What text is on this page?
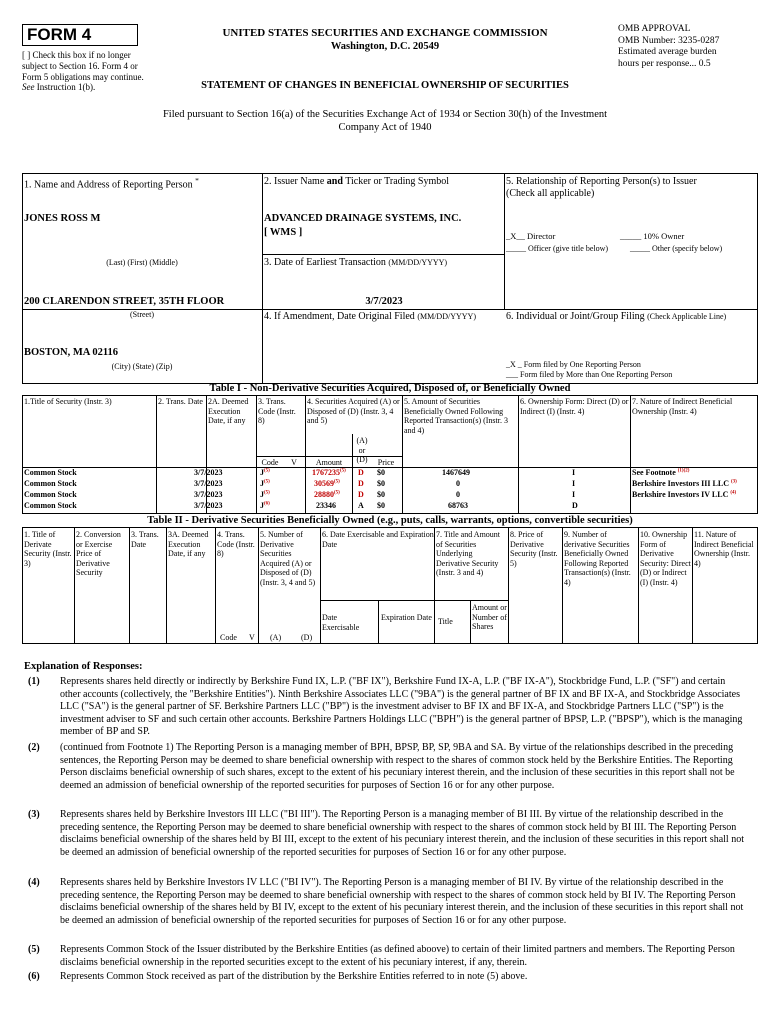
FORM 4
[ ] Check this box if no longer subject to Section 16. Form 4 or Form 5 obligations may continue. See Instruction 1(b).
UNITED STATES SECURITIES AND EXCHANGE COMMISSION
Washington, D.C. 20549
STATEMENT OF CHANGES IN BENEFICIAL OWNERSHIP OF SECURITIES
OMB APPROVAL
OMB Number: 3235-0287
Estimated average burden
hours per response... 0.5
Filed pursuant to Section 16(a) of the Securities Exchange Act of 1934 or Section 30(h) of the Investment Company Act of 1940
1. Name and Address of Reporting Person *
JONES ROSS M
(Last) (First) (Middle)
200 CLARENDON STREET, 35TH FLOOR
(Street)
BOSTON, MA 02116
(City) (State) (Zip)
2. Issuer Name and Ticker or Trading Symbol
ADVANCED DRAINAGE SYSTEMS, INC.
[ WMS ]
3. Date of Earliest Transaction (MM/DD/YYYY)
3/7/2023
4. If Amendment, Date Original Filed (MM/DD/YYYY)
5. Relationship of Reporting Person(s) to Issuer
(Check all applicable)
_X__ Director	_____ 10% Owner
_____ Officer (give title below)	_____ Other (specify below)
6. Individual or Joint/Group Filing (Check Applicable Line)
_X _ Form filed by One Reporting Person
___ Form filed by More than One Reporting Person
Table I - Non-Derivative Securities Acquired, Disposed of, or Beneficially Owned
1.Title of Security (Instr. 3)	2. Trans. Date 2A. Deemed Execution Date, if any
3. Trans. Code (Instr. 8)
4. Securities Acquired (A) or Disposed of (D) (Instr. 3, 4 and 5)
5. Amount of Securities Beneficially Owned Following Reported Transaction(s) (Instr. 3 and 4)
6. Ownership Form: Direct (D) or Indirect (I) (Instr. 4)
7. Nature of Indirect Beneficial Ownership (Instr. 4)
Code	V	Amount
(A) or (D)	Price
Common Stock	3/7/2023	$J^{(5)}$	1767235$^{(5)}$ D $0	1467649	I	See Footnote $^{(1)(2)}$
Common Stock	3/7/2023	$J^{(5)}$	30569$^{(5)}$ D $0	0	I	Berkshire Investors III LLC $^{(3)}$
Common Stock	3/7/2023	$J^{(5)}$	28880$^{(5)}$ D $0	0	I	Berkshire Investors IV LLC $^{(4)}$
Common Stock	3/7/2023	$J^{(6)}$	23346	A $0	68763	D
Table II - Derivative Securities Beneficially Owned (e.g., puts, calls, warrants, options, convertible securities)
1. Title of Derivate Security (Instr. 3)
2. Conversion or Exercise Price of Derivative Security
3. Trans. Date
3A. Deemed Execution Date, if any
4. Trans. Code (Instr. 8)
5. Number of Derivative Securities Acquired (A) or Disposed of (D) (Instr. 3, 4 and 5)
6. Date Exercisable and Expiration Date
7. Title and Amount of Securities Underlying Derivative Security (Instr. 3 and 4)
8. Price of Derivative Security (Instr. 5)
9. Number of derivative Securities Beneficially Owned Following Reported Transaction(s) (Instr. 4)
10. Ownership Form of Derivative Security: Direct (D) or Indirect (I) (Instr. 4)
11. Nature of Indirect Beneficial Ownership (Instr. 4)
Code V (A) (D)
Date Exercisable
Expiration Date Title
Amount or Number of Shares
Explanation of Responses:
(1) Represents shares held directly or indirectly by Berkshire Fund IX, L.P. ("BF IX"), Berkshire Fund IX-A, L.P. ("BF IX-A"), Stockbridge Fund, L.P. ("SF") and certain other accounts (collectively, the "Berkshire Entities"). Ninth Berkshire Associates LLC ("9BA") is the general partner of BF IX and BF IX-A, and Stockbridge Associates LLC ("SA") is the general partner of SF. Berkshire Partners LLC ("BP") is the investment adviser to BF IX and BF IX-A, and Stockbridge Partners LLC ("SP") is the investment adviser to SF and such certain other accounts. Berkshire Partners Holdings LLC ("BPH") is the general partner of BPSP, L.P. ("BPSP"), which is the managing member of BP and SP.
(2) (continued from Footnote 1) The Reporting Person is a managing member of BPH, BPSP, BP, SP, 9BA and SA. By virtue of the relationships described in the preceding sentences, the Reporting Person may be deemed to share beneficial ownership with respect to the shares of common stock held by the Berkshire Entities. The Reporting Person disclaims beneficial ownership of such shares, except to the extent of his pecuniary interest therein, and the inclusion of these securities in this report shall not be deemed an admission of beneficial ownership of the reported securities for purposes of Section 16 or for any other purpose.
(3) Represents shares held by Berkshire Investors III LLC ("BI III"). The Reporting Person is a managing member of BI III. By virtue of the relationship described in the preceding sentence, the Reporting Person may be deemed to share beneficial ownership with respect to the shares of common stock held by BI III. The Reporting Person disclaims beneficial ownership of the shares held by BI III, except to the extent of his pecuniary interest therein, and the inclusion of these securities in this report shall not be deemed an admission of beneficial ownership of the reported securities for purposes of Section 16 or for any other purpose.
(4) Represents shares held by Berkshire Investors IV LLC ("BI IV"). The Reporting Person is a managing member of BI IV. By virtue of the relationship described in the preceding sentence, the Reporting Person may be deemed to share beneficial ownership with respect to the shares of common stock held by BI IV. The Reporting Person disclaims beneficial ownership of the shares held by BI IV, except to the extent of his pecuniary interest therein, and the inclusion of these securities in this report shall not be deemed an admission of beneficial ownership of the reported securities for purposes of Section 16 or for any other purpose.
(5) Represents Common Stock of the Issuer distributed by the Berkshire Entities (as defined aboove) to certain of their limited partners and members. The Reporting Person disclaims beneficial ownership in the reported securities except to the extent of his pecuniary interest, if any, therein.
(6) Represents Common Stock received as part of the distribution by the Berkshire Entities referred to in note (5) above.
